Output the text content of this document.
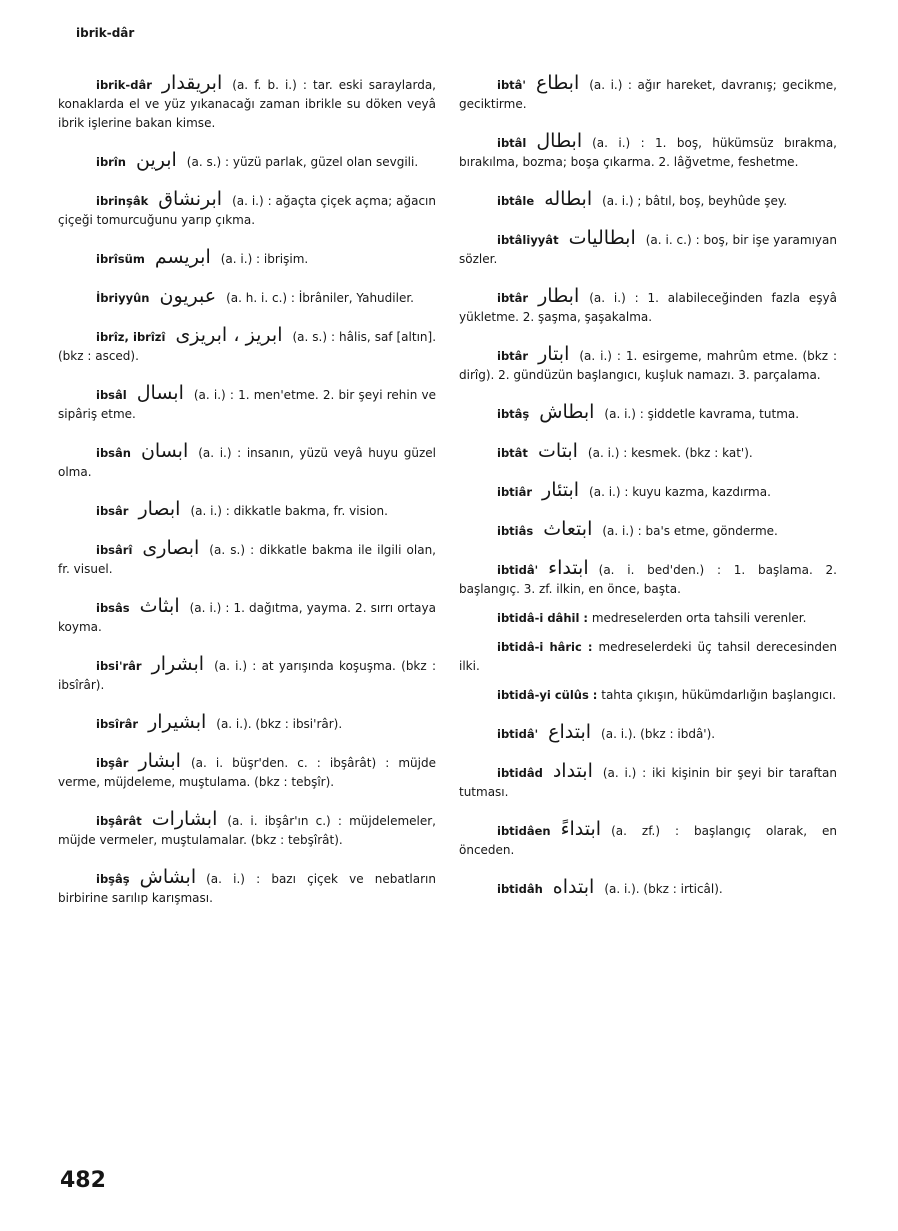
ibrik-dâr
ibrik-dâr ابریقدار (a. f. b. i.) : tar. eski saraylarda, konaklarda el ve yüz yıkanacağı zaman ibrikle su döken veyâ ibrik işlerine bakan kimse.
ibrîn ابرین (a. s.) : yüzü parlak, güzel olan sevgili.
ibrinşâk ابرنشاق (a. i.) : ağaçta çiçek açma; ağacın çiçeği tomurcuğunu yarıp çıkma.
ibrîsüm ابریسم (a. i.) : ibrişim.
İbriyyûn عبریون (a. h. i. c.) : İbrâniler, Yahudiler.
ibrîz, ibrîzî ابریز ، ابریزی (a. s.) : hâlis, saf [altın]. (bkz : asced).
ibsâl ابسال (a. i.) : 1. men'etme. 2. bir şeyi rehin ve sipâriş etme.
ibsân ابسان (a. i.) : insanın, yüzü veyâ huyu güzel olma.
ibsâr ابصار (a. i.) : dikkatle bakma, fr. vision.
ibsârî ابصاری (a. s.) : dikkatle bakma ile ilgili olan, fr. visuel.
ibsâs ابثاث (a. i.) : 1. dağıtma, yayma. 2. sırrı ortaya koyma.
ibsi'râr ابشرار (a. i.) : at yarışında koşuşma. (bkz : ibsîrâr).
ibsîrâr ابشیرار (a. i.). (bkz : ibsi'râr).
ibşâr ابشار (a. i. büşr'den. c. : ibşârât) : müjde verme, müjdeleme, muştulama. (bkz : tebşîr).
ibşârât ابشارات (a. i. ibşâr'ın c.) : müjdelemeler, müjde vermeler, muştulamalar. (bkz : tebşîrât).
ibşâş ابشاش (a. i.) : bazı çiçek ve nebatların birbirine sarılıp karışması.
ibtâ' ابطاع (a. i.) : ağır hareket, davranış; gecikme, geciktirme.
ibtâl ابطال (a. i.) : 1. boş, hükümsüz bırakma, bırakılma, bozma; boşa çıkarma. 2. lâğvetme, feshetme.
ibtâle ابطاله (a. i.) ; bâtıl, boş, beyhûde şey.
ibtâliyyât ابطالیات (a. i. c.) : boş, bir işe yaramıyan sözler.
ibtâr ابطار (a. i.) : 1. alabileceğinden fazla eşyâ yükletme. 2. şaşma, şaşakalma.
ibtâr ابتار (a. i.) : 1. esirgeme, mahrûm etme. (bkz : dirîg). 2. gündüzün başlangıcı, kuşluk namazı. 3. parçalama.
ibtâş ابطاش (a. i.) : şiddetle kavrama, tutma.
ibtât ابتات (a. i.) : kesmek. (bkz : kat').
ibtiâr ابتئار (a. i.) : kuyu kazma, kazdırma.
ibtiâs ابتعاث (a. i.) : ba's etme, gönderme.
ibtidâ' ابتداء (a. i. bed'den.) : 1. başlama. 2. başlangıç. 3. zf. ilkin, en önce, başta.
ibtidâ-i dâhil : medreselerden orta tahsili verenler.
ibtidâ-i hâric : medreselerdeki üç tahsil derecesinden ilki.
ibtidâ-yi cülûs : tahta çıkışın, hükümdarlığın başlangıcı.
ibtidâ' ابتداع (a. i.). (bkz : ibdâ').
ibtidâd ابتداد (a. i.) : iki kişinin bir şeyi bir taraftan tutması.
ibtidâen ابتداءً (a. zf.) : başlangıç olarak, en önceden.
ibtidâh ابتداه (a. i.). (bkz : irticâl).
482
